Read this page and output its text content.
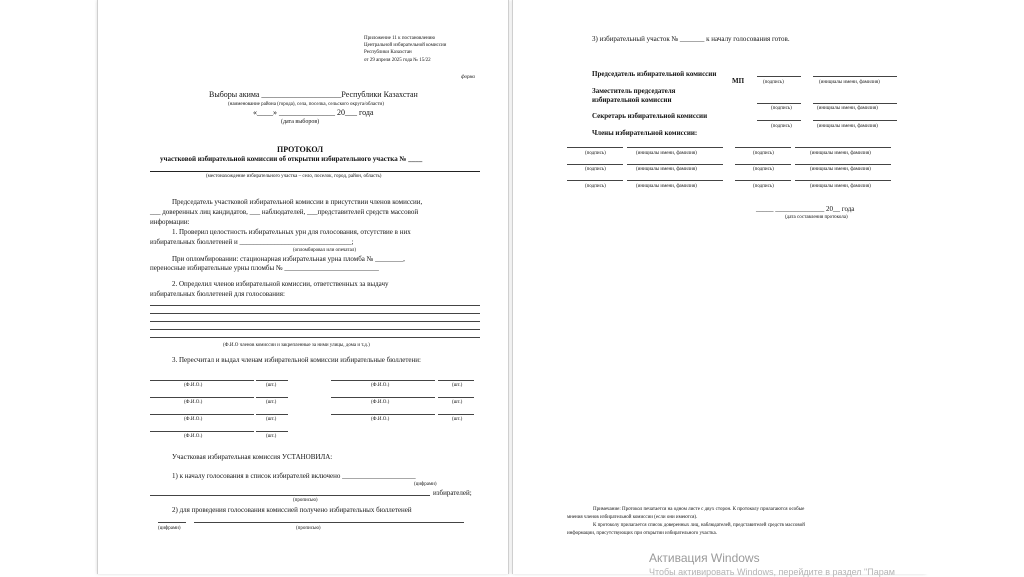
Приложение 11 к постановлению
Центральной избирательной комиссии
Республики Казахстан
от 29 апреля 2025 года № 15/22
форма
Выборы акима ____________________Республики Казахстан
(наименование района (города), села, поселка, сельского округа/области)
«____» ______________ 20___ года
(дата выборов)
ПРОТОКОЛ
участковой избирательной комиссии об открытии избирательного участка № ____
(местонахождение избирательного участка – село, поселок, город, район, область)
Председатель участковой избирательной комиссии в присутствии членов комиссии,
___ доверенных лиц кандидатов, ___ наблюдателей, ___представителей средств массовой
информации:
1. Проверил целостность избирательных урн для голосования, отсутствие в них
избирательных бюллетеней и ________________________________;
(опломбировал или опечатал)
При опломбировании: стационарная избирательная урна пломба № ________,
переносные избирательные урны пломбы № ___________________________
2. Определил членов избирательной комиссии, ответственных за выдачу
избирательных бюллетеней для голосования:
(Ф.И.О членов комиссии и закрепленные за ними улицы, дома и т.д.)
3. Пересчитал и выдал членам избирательной комиссии избирательные бюллетени:
(Ф.И.О.)	(шт.)	(Ф.И.О.)	(шт.)
(Ф.И.О.)	(шт.)	(Ф.И.О.)	(шт.)
(Ф.И.О.)	(шт.)	(Ф.И.О.)	(шт.)
(Ф.И.О.)	(шт.)
Участковая избирательная комиссия УСТАНОВИЛА:
1) к началу голосования в список избирателей включено _____________________
(цифрами)
избирателей;
(прописью)
2) для проведения голосования комиссией получено избирательных бюллетеней
(цифрами)	(прописью)
3) избирательный участок № _______ к началу голосования готов.
Председатель избирательной комиссии
МП	(подпись)	(инициалы имени, фамилия)
Заместитель председателя
избирательной комиссии
(подпись)	(инициалы имени, фамилия)
Секретарь избирательной комиссии
(подпись)	(инициалы имени, фамилия)
Члены избирательной комиссии:
(подпись)	(инициалы имени, фамилия)	(подпись)	(инициалы имени, фамилия)
(подпись)	(инициалы имени, фамилия)	(подпись)	(инициалы имени, фамилия)
(подпись)	(инициалы имени, фамилия)	(подпись)	(инициалы имени, фамилия)
_____ ______________ 20__ года
(дата составления протокола)
Примечание: Протокол печатается на одном листе с двух сторон. К протоколу прилагаются особые
мнения членов избирательной комиссии (если они имеются).
К протоколу прилагается список доверенных лиц, наблюдателей, представителей средств массовой
информации, присутствующих при открытии избирательного участка.
Активация Windows
Чтобы активировать Windows, перейдите в раздел "Парам
